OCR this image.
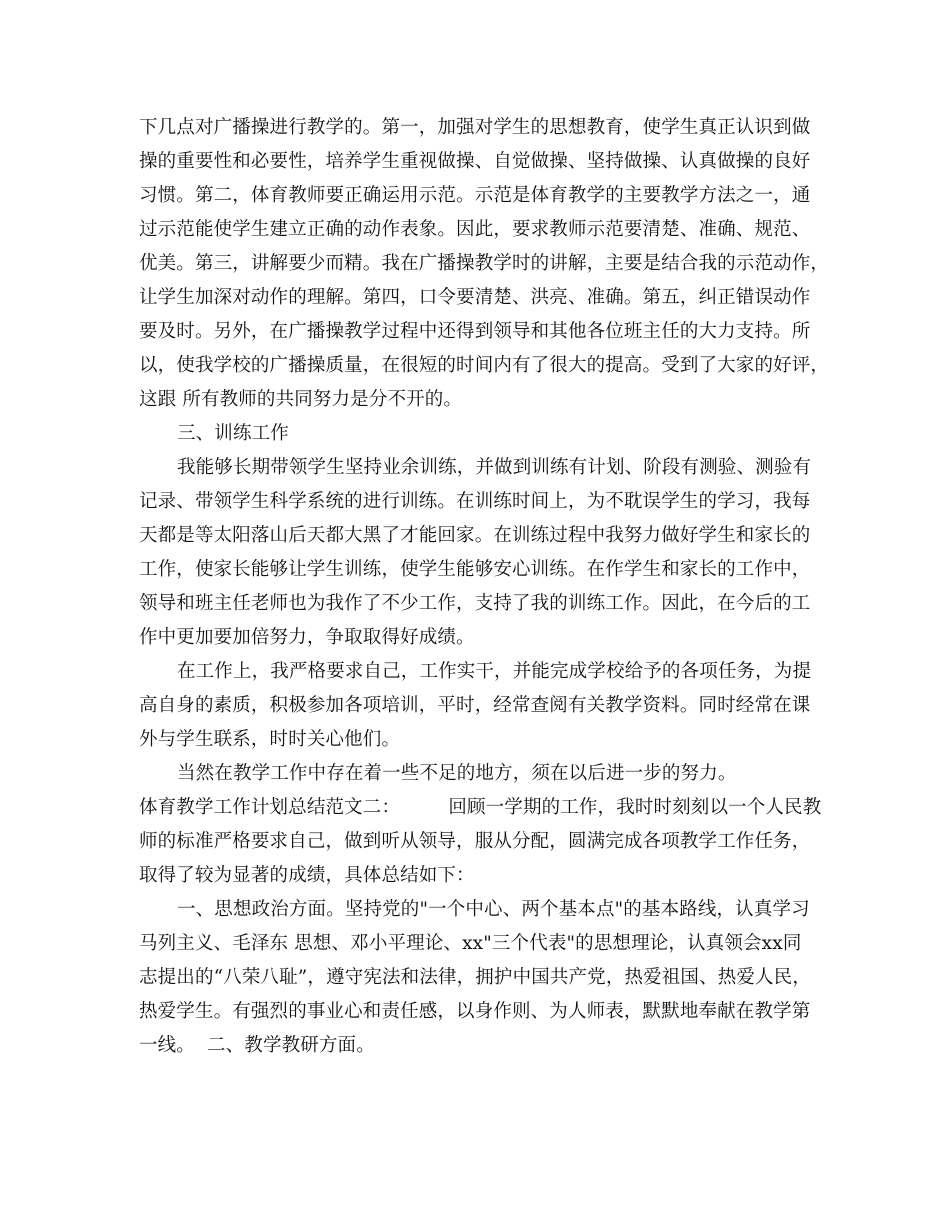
下几点对广播操进行教学的。第一，加强对学生的思想教育，使学生真正认识到做
操的重要性和必要性，培养学生重视做操、自觉做操、坚持做操、认真做操的良好
习惯。第二，体育教师要正确运用示范。示范是体育教学的主要教学方法之一，通
过示范能使学生建立正确的动作表象。因此，要求教师示范要清楚、准确、规范、
优美。第三，讲解要少而精。我在广播操教学时的讲解，主要是结合我的示范动作，
让学生加深对动作的理解。第四，口令要清楚、洪亮、准确。第五，纠正错误动作
要及时。另外，在广播操教学过程中还得到领导和其他各位班主任的大力支持。所
以，使我学校的广播操质量，在很短的时间内有了很大的提高。受到了大家的好评，
这跟 所有教师的共同努力是分不开的。
三、训练工作
我能够长期带领学生坚持业余训练，并做到训练有计划、阶段有测验、测验有
记录、带领学生科学系统的进行训练。在训练时间上，为不耽误学生的学习，我每
天都是等太阳落山后天都大黑了才能回家。在训练过程中我努力做好学生和家长的
工作，使家长能够让学生训练，使学生能够安心训练。在作学生和家长的工作中，
领导和班主任老师也为我作了不少工作，支持了我的训练工作。因此，在今后的工
作中更加要加倍努力，争取取得好成绩。
在工作上，我严格要求自己，工作实干，并能完成学校给予的各项任务，为提
高自身的素质，积极参加各项培训，平时，经常查阅有关教学资料。同时经常在课
外与学生联系，时时关心他们。
当然在教学工作中存在着一些不足的地方，须在以后进一步的努力。
体育教学工作计划总结范文二：        回顾一学期的工作，我时时刻刻以一个人民教
师的标准严格要求自己，做到听从领导，服从分配，圆满完成各项教学工作任务，
取得了较为显著的成绩，具体总结如下：
一、思想政治方面。坚持党的"一个中心、两个基本点"的基本路线，认真学习
马列主义、毛泽东 思想、邓小平理论、xx"三个代表"的思想理论，认真领会xx同
志提出的“八荣八耻”，遵守宪法和法律，拥护中国共产党，热爱祖国、热爱人民，
热爱学生。有强烈的事业心和责任感，以身作则、为人师表，默默地奉献在教学第
一线。  二、教学教研方面。
